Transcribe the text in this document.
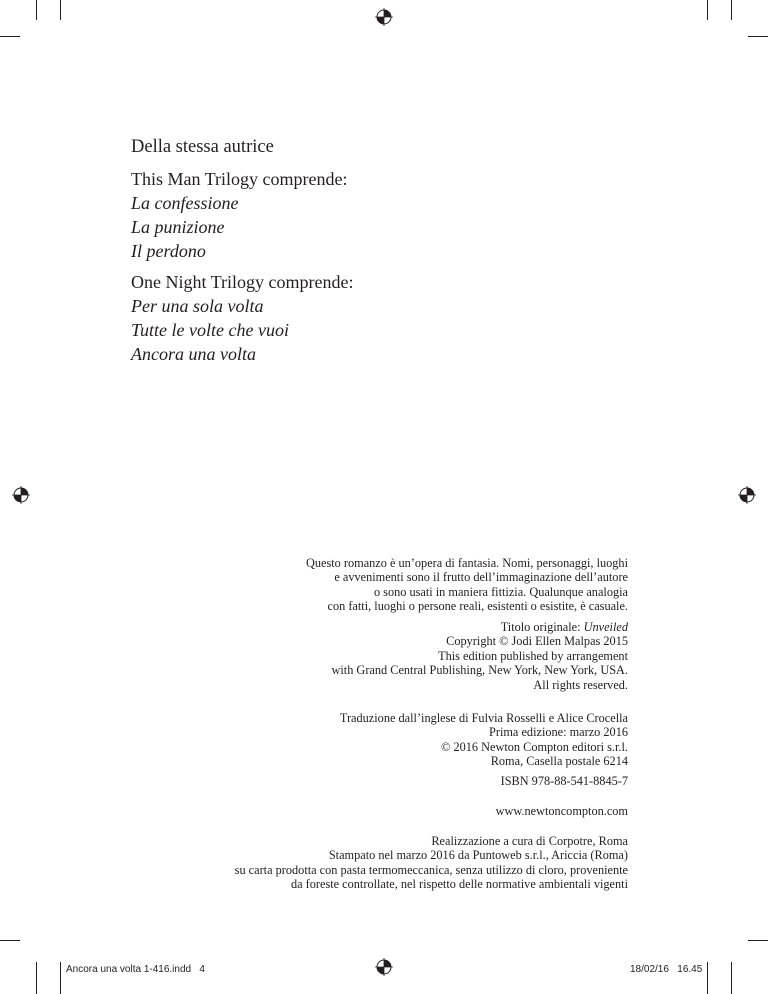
Della stessa autrice
This Man Trilogy comprende:
La confessione
La punizione
Il perdono
One Night Trilogy comprende:
Per una sola volta
Tutte le volte che vuoi
Ancora una volta
Questo romanzo è un’opera di fantasia. Nomi, personaggi, luoghi
e avvenimenti sono il frutto dell’immaginazione dell’autore
o sono usati in maniera fittizia. Qualunque analogia
con fatti, luoghi o persone reali, esistenti o esistite, è casuale.
Titolo originale: Unveiled
Copyright © Jodi Ellen Malpas 2015
This edition published by arrangement
with Grand Central Publishing, New York, New York, USA.
All rights reserved.
Traduzione dall’inglese di Fulvia Rosselli e Alice Crocella
Prima edizione: marzo 2016
© 2016 Newton Compton editori s.r.l.
Roma, Casella postale 6214
ISBN 978-88-541-8845-7
www.newtoncompton.com
Realizzazione a cura di Corpotre, Roma
Stampato nel marzo 2016 da Puntoweb s.r.l., Ariccia (Roma)
su carta prodotta con pasta termomeccanica, senza utilizzo di cloro, proveniente
da foreste controllate, nel rispetto delle normative ambientali vigenti
Ancora una volta 1-416.indd   4	18/02/16   16.45
